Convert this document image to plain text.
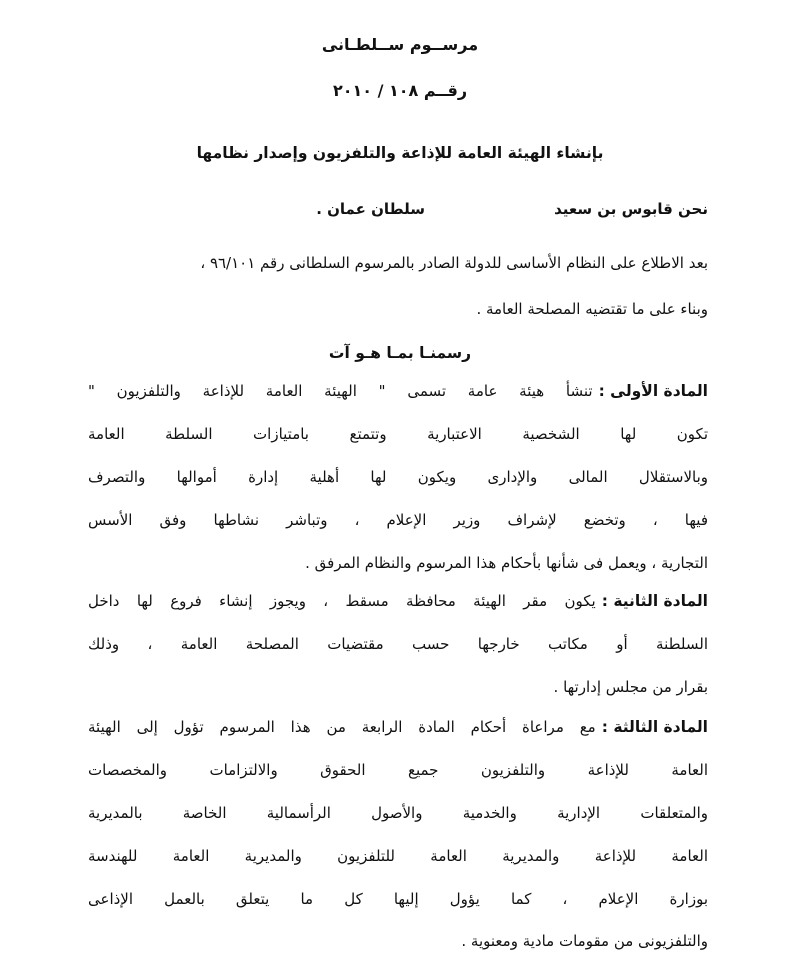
مرســوم ســلطـانى
رقــم ١٠٨ / ٢٠١٠
بإنشاء الهيئة العامة للإذاعة والتلفزيون وإصدار نظامها
نحن قابوس بن سعيد
سلطان عمان .
بعد الاطلاع على النظام الأساسى للدولة الصادر بالمرسوم السلطانى رقم ٩٦/١٠١ ،
وبناء على ما تقتضيه المصلحة العامة .
رسمنـا بمـا هـو آت
المادة الأولى :
تنشأ هيئة عامة تسمى " الهيئة العامة للإذاعة والتلفزيون "
تكون لها الشخصية الاعتبارية وتتمتع بامتيازات السلطة العامة
وبالاستقلال المالى والإدارى ويكون لها أهلية إدارة أموالها والتصرف
فيها ، وتخضع لإشراف وزير الإعلام ، وتباشر نشاطها وفق الأسس
التجارية ، ويعمل فى شأنها بأحكام هذا المرسوم والنظام المرفق .
المادة الثانية :
يكون مقر الهيئة محافظة مسقط ، ويجوز إنشاء فروع لها داخل
السلطنة أو مكاتب خارجها حسب مقتضيات المصلحة العامة ، وذلك
بقرار من مجلس إدارتها .
المادة الثالثة :
مع مراعاة أحكام المادة الرابعة من هذا المرسوم تؤول إلى الهيئة
العامة للإذاعة والتلفزيون جميع الحقوق والالتزامات والمخصصات
والمتعلقات الإدارية والخدمية والأصول الرأسمالية الخاصة بالمديرية
العامة للإذاعة والمديرية العامة للتلفزيون والمديرية العامة للهندسة
بوزارة الإعلام ، كما يؤول إليها كل ما يتعلق بالعمل الإذاعى
والتلفزيونى من مقومات مادية ومعنوية .
